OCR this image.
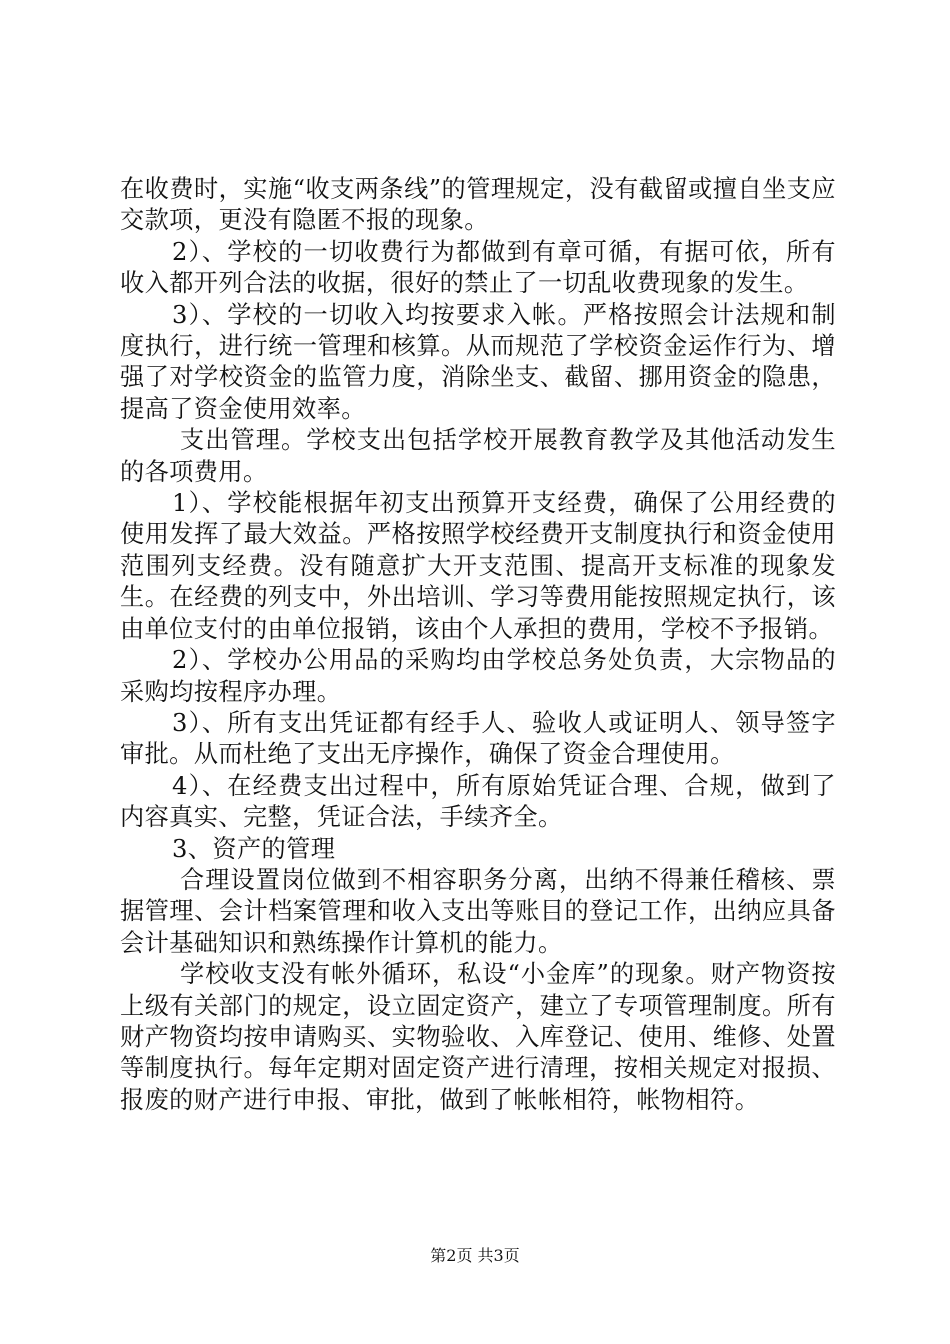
在收费时，实施“收支两条线”的管理规定，没有截留或擅自坐支应交款项，更没有隐匿不报的现象。

2）、学校的一切收费行为都做到有章可循，有据可依，所有收入都开列合法的收据，很好的禁止了一切乱收费现象的发生。

3）、学校的一切收入均按要求入帐。严格按照会计法规和制度执行，进行统一管理和核算。从而规范了学校资金运作行为、增强了对学校资金的监管力度，消除坐支、截留、挪用资金的隐患，提高了资金使用效率。

支出管理。学校支出包括学校开展教育教学及其他活动发生的各项费用。

1）、学校能根据年初支出预算开支经费，确保了公用经费的使用发挥了最大效益。严格按照学校经费开支制度执行和资金使用范围列支经费。没有随意扩大开支范围、提高开支标准的现象发生。在经费的列支中，外出培训、学习等费用能按照规定执行，该由单位支付的由单位报销，该由个人承担的费用，学校不予报销。

2）、学校办公用品的采购均由学校总务处负责，大宗物品的采购均按程序办理。

3）、所有支出凭证都有经手人、验收人或证明人、领导签字审批。从而杜绝了支出无序操作，确保了资金合理使用。

4）、在经费支出过程中，所有原始凭证合理、合规，做到了内容真实、完整，凭证合法，手续齐全。

3、资产的管理

合理设置岗位做到不相容职务分离，出纳不得兼任稽核、票据管理、会计档案管理和收入支出等账目的登记工作，出纳应具备会计基础知识和熟练操作计算机的能力。

学校收支没有帐外循环，私设“小金库”的现象。财产物资按上级有关部门的规定，设立固定资产，建立了专项管理制度。所有财产物资均按申请购买、实物验收、入库登记、使用、维修、处置等制度执行。每年定期对固定资产进行清理，按相关规定对报损、报废的财产进行申报、审批，做到了帐帐相符，帐物相符。

第2页 共3页
